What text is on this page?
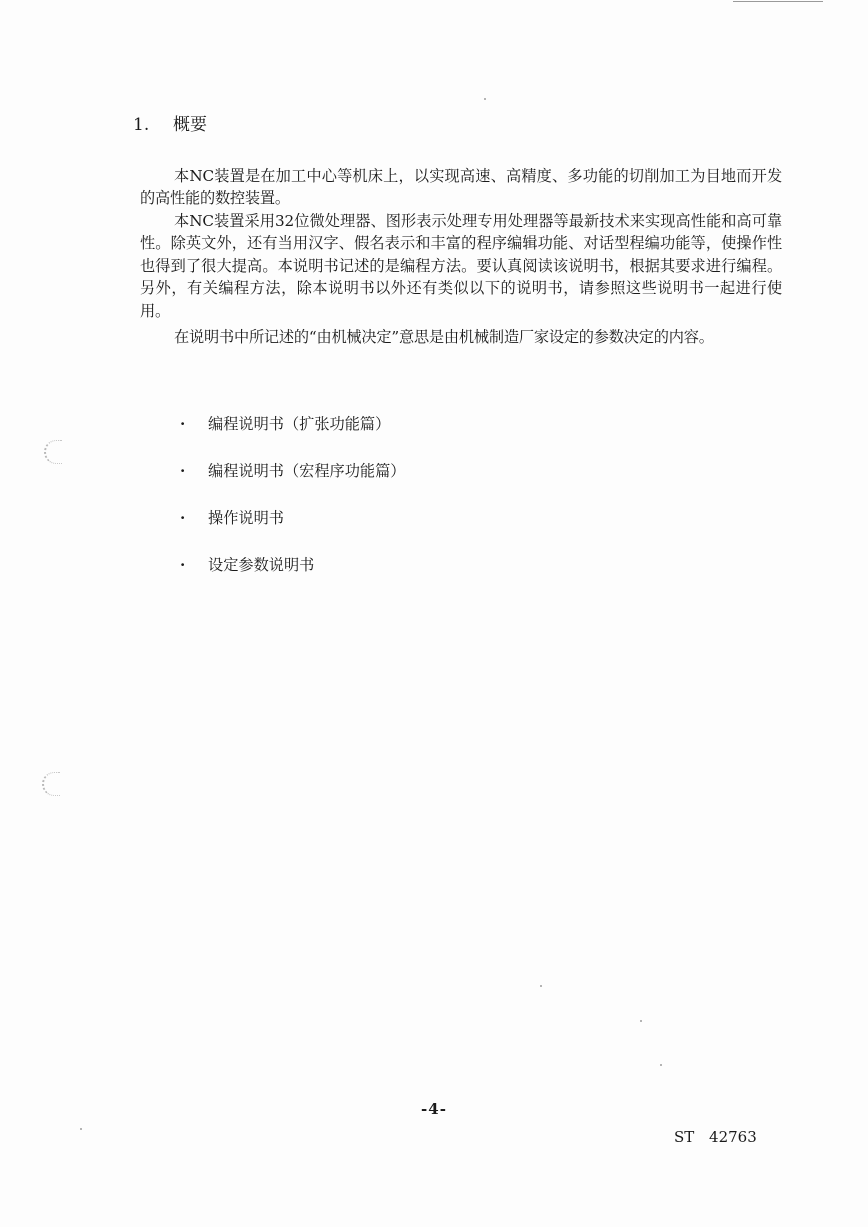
1. 概要

本NC装置是在加工中心等机床上，以实现高速、高精度、多功能的切削加工为目地而开发的高性能的数控装置。

本NC装置采用32位微处理器、图形表示处理专用处理器等最新技术来实现高性能和高可靠性。除英文外，还有当用汉字、假名表示和丰富的程序编辑功能、对话型程编功能等，使操作性也得到了很大提高。本说明书记述的是编程方法。要认真阅读该说明书，根据其要求进行编程。另外，有关编程方法，除本说明书以外还有类似以下的说明书，请参照这些说明书一起进行使用。

在说明书中所记述的“由机械决定”意思是由机械制造厂家设定的参数决定的内容。

· 编程说明书（扩张功能篇）
· 编程说明书（宏程序功能篇）
· 操作说明书
· 设定参数说明书
-4-
ST 42763
